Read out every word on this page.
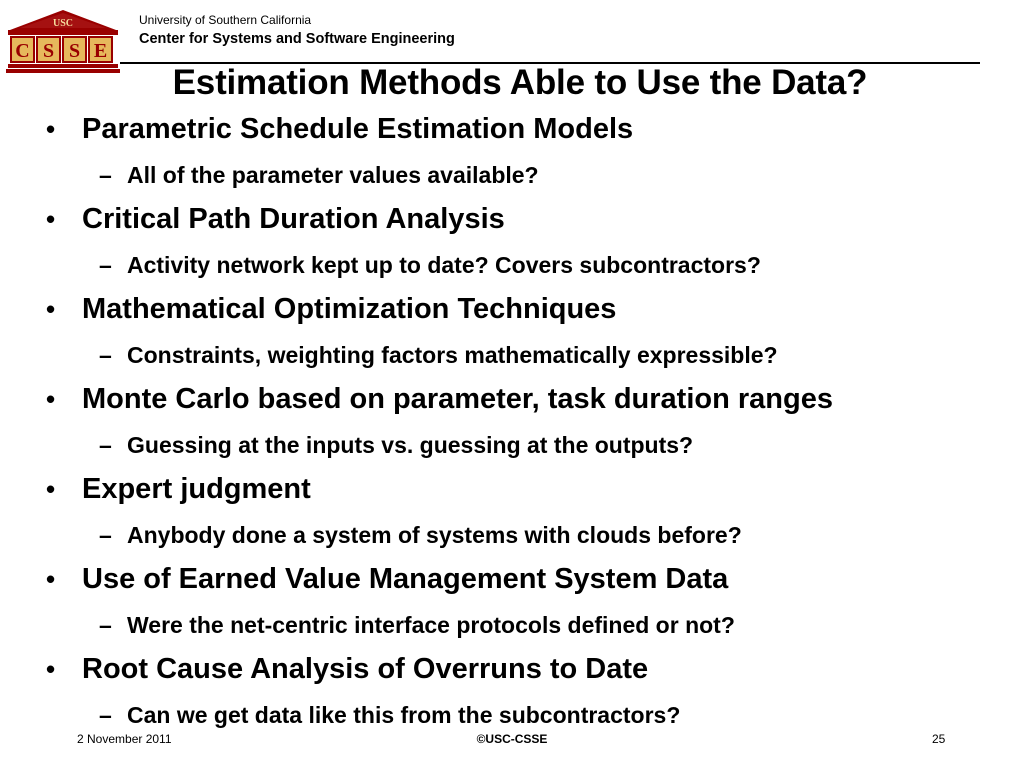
USC
C S S E
University of Southern California
Center for Systems and Software Engineering
Estimation Methods Able to Use the Data?
• Parametric Schedule Estimation Models
– All of the parameter values available?
• Critical Path Duration Analysis
– Activity network kept up to date? Covers subcontractors?
• Mathematical Optimization Techniques
– Constraints, weighting factors mathematically expressible?
• Monte Carlo based on parameter, task duration ranges
– Guessing at the inputs vs. guessing at the outputs?
• Expert judgment
– Anybody done a system of systems with clouds before?
• Use of Earned Value Management System Data
– Were the net-centric interface protocols defined or not?
• Root Cause Analysis of Overruns to Date
– Can we get data like this from the subcontractors?
2 November 2011	©USC-CSSE	25
